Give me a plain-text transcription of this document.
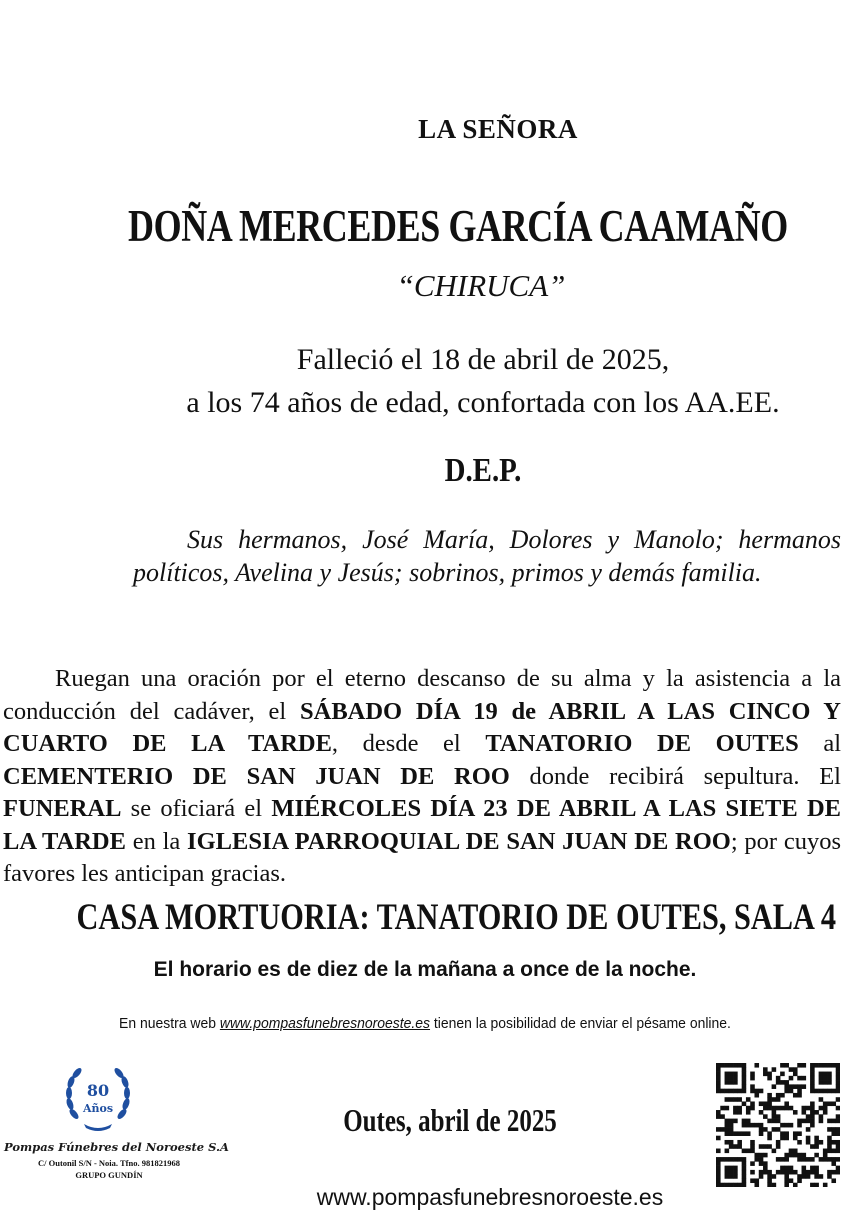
LA SEÑORA
DOÑA MERCEDES GARCÍA CAAMAÑO
“CHIRUCA”
Falleció el 18 de abril de 2025,
a los 74 años de edad, confortada con los AA.EE.
D.E.P.
Sus hermanos, José María, Dolores y Manolo; hermanos políticos, Avelina y Jesús; sobrinos, primos y demás familia.
Ruegan una oración por el eterno descanso de su alma y la asistencia a la conducción del cadáver, el SÁBADO DÍA 19 de ABRIL A LAS CINCO Y CUARTO DE LA TARDE, desde el TANATORIO DE OUTES al CEMENTERIO DE SAN JUAN DE ROO donde recibirá sepultura. El FUNERAL se oficiará el MIÉRCOLES DÍA 23 DE ABRIL A LAS SIETE DE LA TARDE en la IGLESIA PARROQUIAL DE SAN JUAN DE ROO; por cuyos favores les anticipan gracias.
CASA MORTUORIA: TANATORIO DE OUTES, SALA 4
El horario es de diez de la mañana a once de la noche.
En nuestra web www.pompasfunebresnoroeste.es tienen la posibilidad de enviar el pésame online.
80
Años
Pompas Fúnebres del Noroeste S.A
C/ Outonil S/N - Noia. Tfno. 981821968
GRUPO GUNDÍN
Outes, abril de 2025
www.pompasfunebresnoroeste.es
